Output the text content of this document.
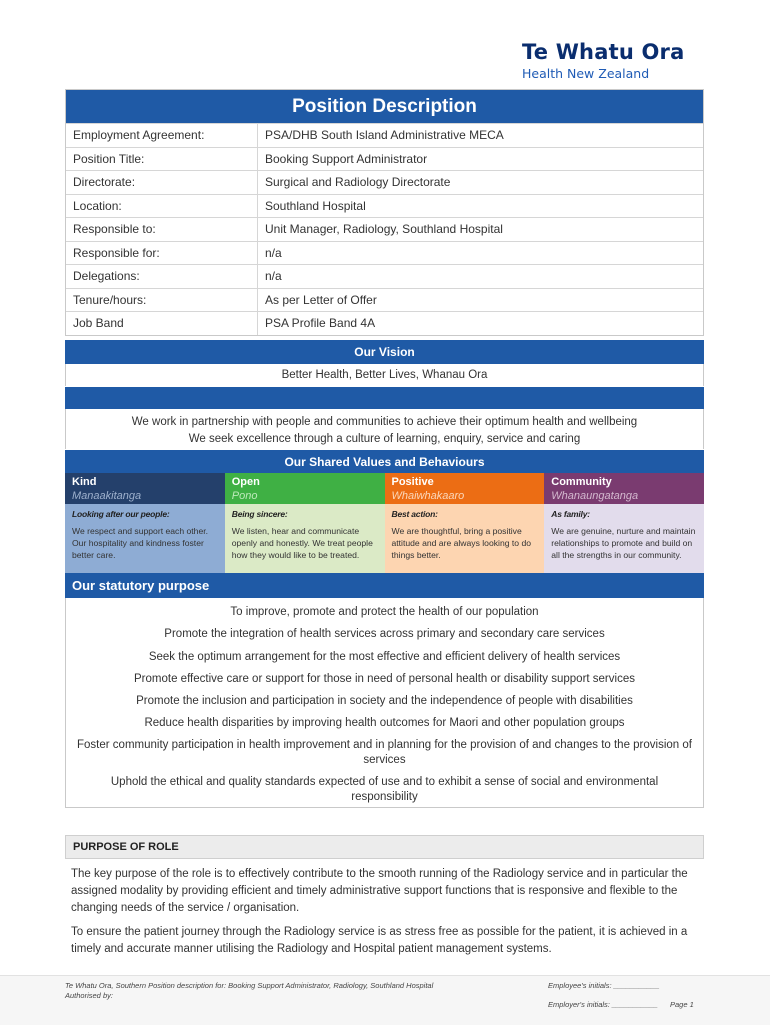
Te Whatu Ora
Health New Zealand
Position Description
Employment Agreement:	PSA/DHB South Island Administrative MECA
Position Title:	Booking Support Administrator
Directorate:	Surgical and Radiology Directorate
Location:	Southland Hospital
Responsible to:	Unit Manager, Radiology, Southland Hospital
Responsible for:	n/a
Delegations:	n/a
Tenure/hours:	As per Letter of Offer
Job Band	PSA Profile Band 4A
Our Vision
Better Health, Better Lives, Whanau Ora
We work in partnership with people and communities to achieve their optimum health and wellbeing
We seek excellence through a culture of learning, enquiry, service and caring
Our Shared Values and Behaviours
Kind
Manaakitanga
Looking after our people:
We respect and support each other. Our hospitality and kindness foster better care.
Open
Pono
Being sincere:
We listen, hear and communicate openly and honestly. We treat people how they would like to be treated.
Positive
Whaiwhakaaro
Best action:
We are thoughtful, bring a positive attitude and are always looking to do things better.
Community
Whanaungatanga
As family:
We are genuine, nurture and maintain relationships to promote and build on all the strengths in our community.
Our statutory purpose
To improve, promote and protect the health of our population
Promote the integration of health services across primary and secondary care services
Seek the optimum arrangement for the most effective and efficient delivery of health services
Promote effective care or support for those in need of personal health or disability support services
Promote the inclusion and participation in society and the independence of people with disabilities
Reduce health disparities by improving health outcomes for Maori and other population groups
Foster community participation in health improvement and in planning for the provision of and changes to the provision of services
Uphold the ethical and quality standards expected of use and to exhibit a sense of social and environmental responsibility
PURPOSE OF ROLE
The key purpose of the role is to effectively contribute to the smooth running of the Radiology service and in particular the assigned modality by providing efficient and timely administrative support functions that is responsive and flexible to the changing needs of the service / organisation.
To ensure the patient journey through the Radiology service is as stress free as possible for the patient, it is achieved in a timely and accurate manner utilising the Radiology and Hospital patient management systems.
Te Whatu Ora, Southern Position description for: Booking Support Administrator, Radiology, Southland Hospital
Authorised by:
Employee's initials: ___________
Employer's initials: ___________ Page 1
